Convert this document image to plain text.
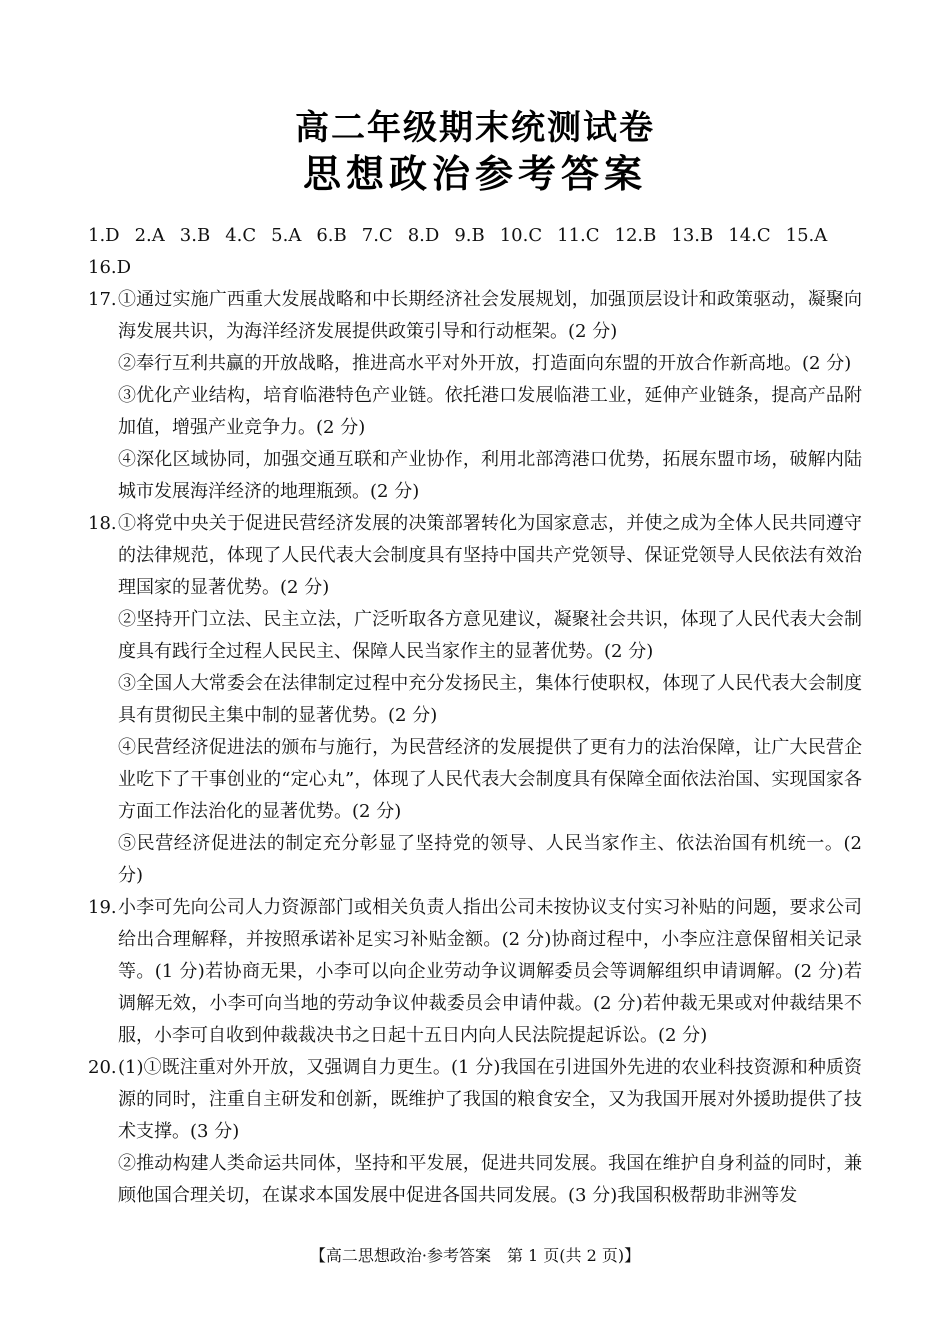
高二年级期末统测试卷
思想政治参考答案
1.D 2.A 3.B 4.C 5.A 6.B 7.C 8.D 9.B 10.C 11.C 12.B 13.B 14.C 15.A16.D
17. ①通过实施广西重大发展战略和中长期经济社会发展规划，加强顶层设计和政策驱动，凝聚向海发展共识，为海洋经济发展提供政策引导和行动框架。(2 分)

②奉行互利共赢的开放战略，推进高水平对外开放，打造面向东盟的开放合作新高地。(2 分)

③优化产业结构，培育临港特色产业链。依托港口发展临港工业，延伸产业链条，提高产品附加值，增强产业竞争力。(2 分)

④深化区域协同，加强交通互联和产业协作，利用北部湾港口优势，拓展东盟市场，破解内陆城市发展海洋经济的地理瓶颈。(2 分)

18. ①将党中央关于促进民营经济发展的决策部署转化为国家意志，并使之成为全体人民共同遵守的法律规范，体现了人民代表大会制度具有坚持中国共产党领导、保证党领导人民依法有效治理国家的显著优势。(2 分)

②坚持开门立法、民主立法，广泛听取各方意见建议，凝聚社会共识，体现了人民代表大会制度具有践行全过程人民民主、保障人民当家作主的显著优势。(2 分)

③全国人大常委会在法律制定过程中充分发扬民主，集体行使职权，体现了人民代表大会制度具有贯彻民主集中制的显著优势。(2 分)

④民营经济促进法的颁布与施行，为民营经济的发展提供了更有力的法治保障，让广大民营企业吃下了干事创业的“定心丸”，体现了人民代表大会制度具有保障全面依法治国、实现国家各方面工作法治化的显著优势。(2 分)

⑤民营经济促进法的制定充分彰显了坚持党的领导、人民当家作主、依法治国有机统一。(2 分)

19. 小李可先向公司人力资源部门或相关负责人指出公司未按协议支付实习补贴的问题，要求公司给出合理解释，并按照承诺补足实习补贴金额。(2 分)协商过程中，小李应注意保留相关记录等。(1 分)若协商无果，小李可以向企业劳动争议调解委员会等调解组织申请调解。(2 分)若调解无效，小李可向当地的劳动争议仲裁委员会申请仲裁。(2 分)若仲裁无果或对仲裁结果不服，小李可自收到仲裁裁决书之日起十五日内向人民法院提起诉讼。(2 分)

20. (1)①既注重对外开放，又强调自力更生。(1 分)我国在引进国外先进的农业科技资源和种质资源的同时，注重自主研发和创新，既维护了我国的粮食安全，又为我国开展对外援助提供了技术支撑。(3 分)

②推动构建人类命运共同体，坚持和平发展，促进共同发展。我国在维护自身利益的同时，兼顾他国合理关切，在谋求本国发展中促进各国共同发展。(3 分)我国积极帮助非洲等发

【高二思想政治·参考答案　第 1 页(共 2 页)】
